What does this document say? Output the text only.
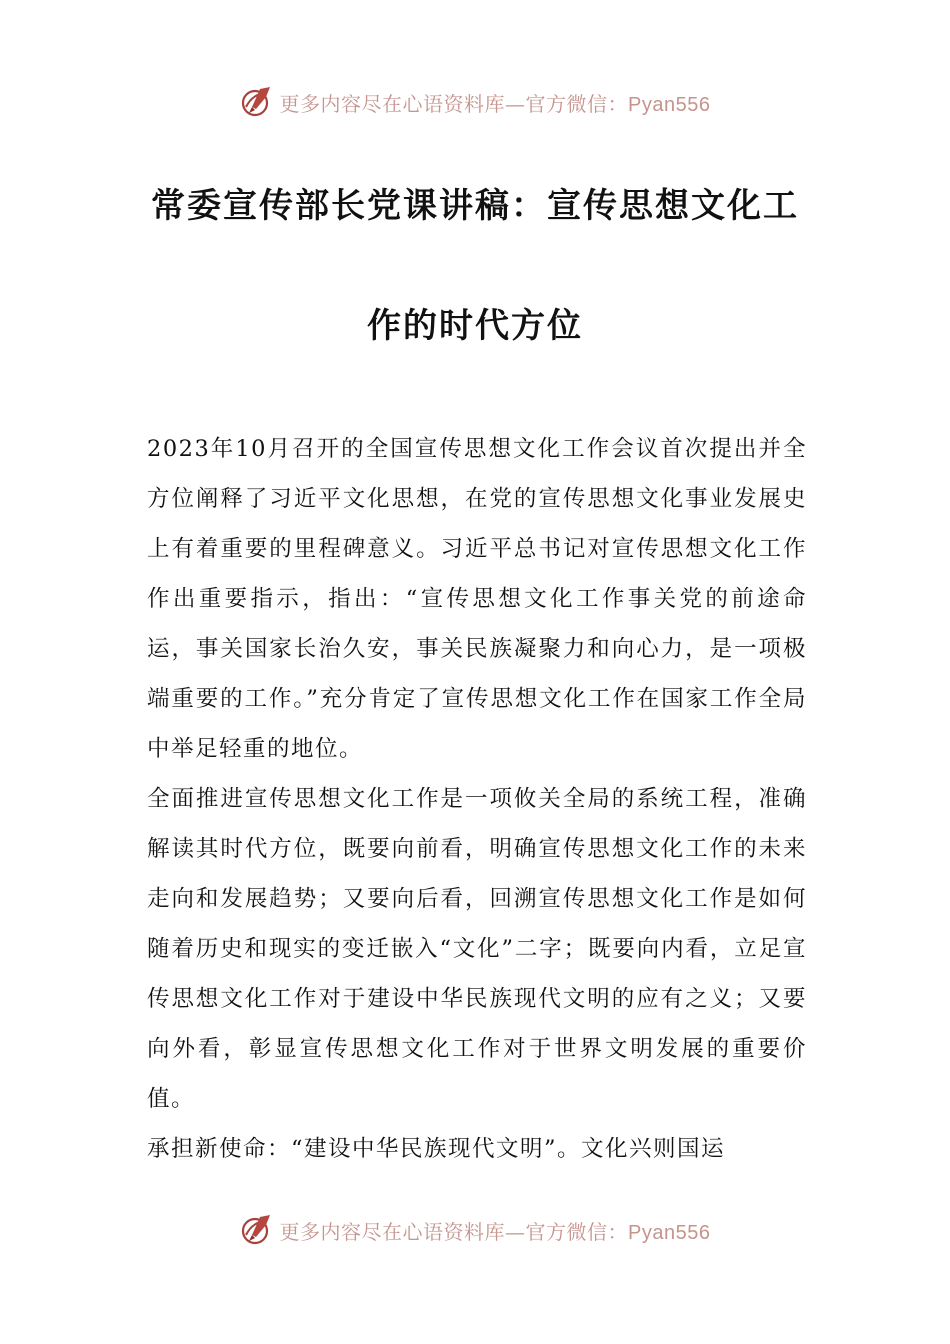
更多内容尽在心语资料库—官方微信：Pyan556
常委宣传部长党课讲稿：宣传思想文化工
作的时代方位

2023年10月召开的全国宣传思想文化工作会议首次提出并全方位阐释了习近平文化思想，在党的宣传思想文化事业发展史上有着重要的里程碑意义。习近平总书记对宣传思想文化工作作出重要指示，指出：“宣传思想文化工作事关党的前途命运，事关国家长治久安，事关民族凝聚力和向心力，是一项极端重要的工作。”充分肯定了宣传思想文化工作在国家工作全局中举足轻重的地位。

全面推进宣传思想文化工作是一项攸关全局的系统工程，准确解读其时代方位，既要向前看，明确宣传思想文化工作的未来走向和发展趋势；又要向后看，回溯宣传思想文化工作是如何随着历史和现实的变迁嵌入“文化”二字；既要向内看，立足宣传思想文化工作对于建设中华民族现代文明的应有之义；又要向外看，彰显宣传思想文化工作对于世界文明发展的重要价值。

承担新使命：“建设中华民族现代文明”。文化兴则国运

更多内容尽在心语资料库—官方微信：Pyan556
